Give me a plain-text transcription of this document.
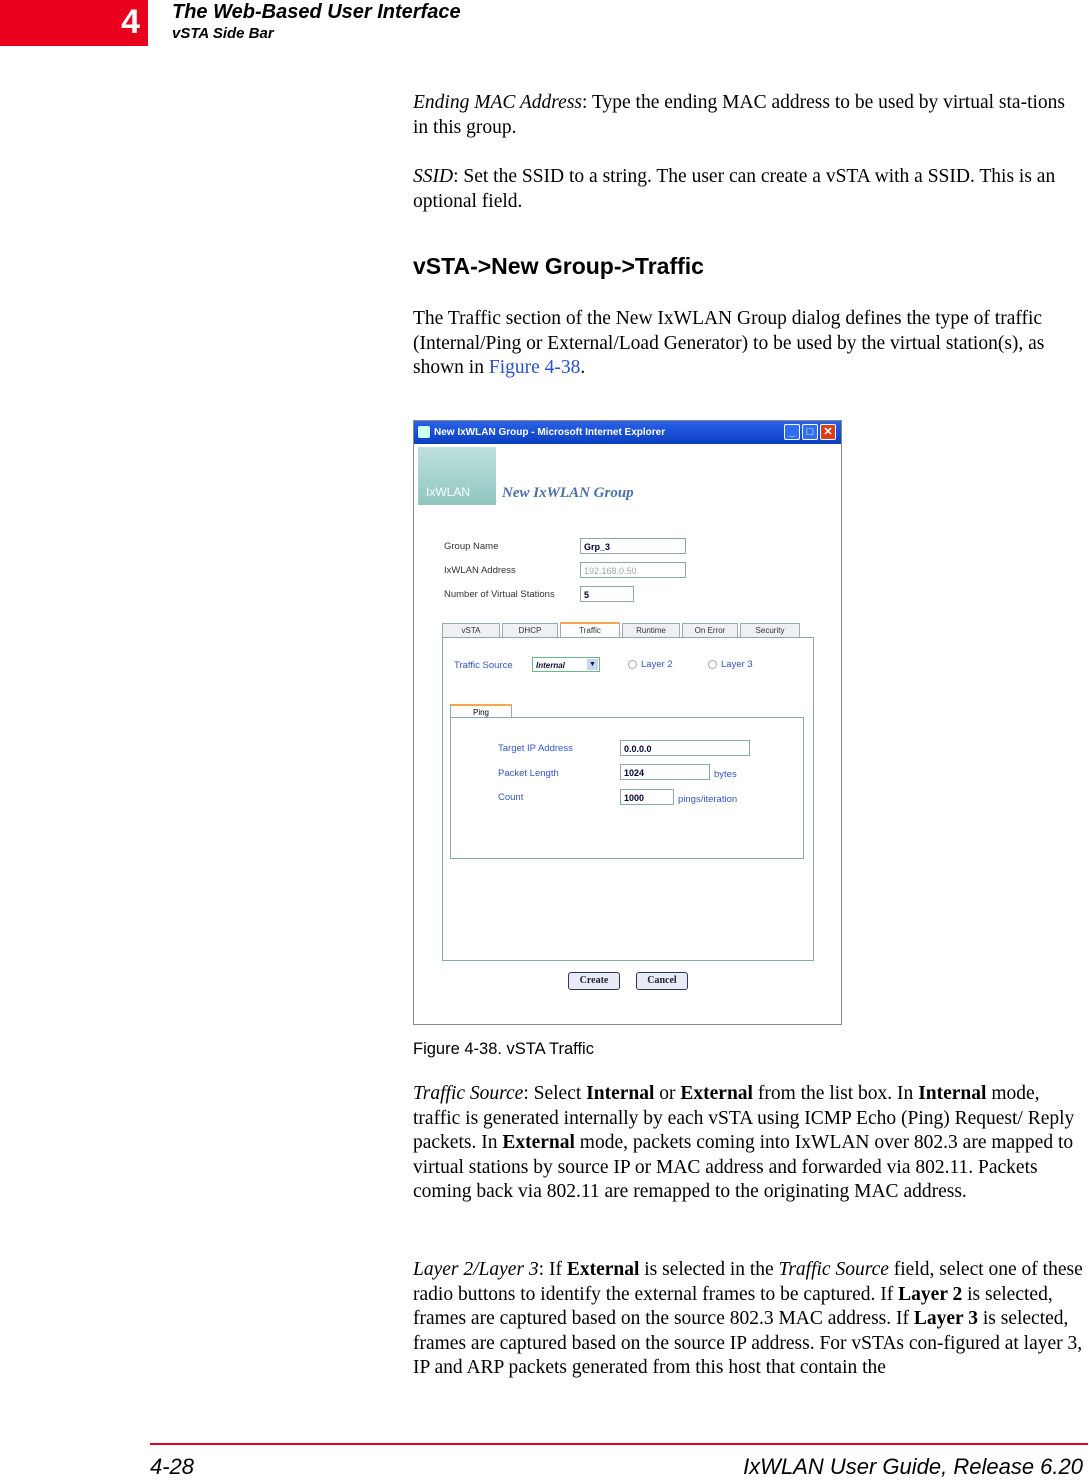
4 The Web-Based User Interface
vSTA Side Bar

Ending MAC Address: Type the ending MAC address to be used by virtual sta-tions in this group.

SSID: Set the SSID to a string. The user can create a vSTA with a SSID. This is an optional field.

vSTA->New Group->Traffic

The Traffic section of the New IxWLAN Group dialog defines the type of traffic (Internal/Ping or External/Load Generator) to be used by the virtual station(s), as shown in Figure 4-38.

New IxWLAN Group - Microsoft Internet Explorer	_	□ ✕
IxWLAN New IxWLAN Group
Group Name	Grp_3
IxWLAN Address	192.168.0.50
Number of Virtual Stations	5
vSTA	DHCP	Traffic	Runtime	On Error	Security
Traffic Source	Internal	▼	Layer 2	Layer 3
Ping
Target IP Address	0.0.0.0
Packet Length	1024	bytes
Count	1000	pings/iteration
Create	Cancel
Figure 4-38. vSTA Traffic

Traffic Source: Select Internal or External from the list box. In Internal mode, traffic is generated internally by each vSTA using ICMP Echo (Ping) Request/ Reply packets. In External mode, packets coming into IxWLAN over 802.3 are mapped to virtual stations by source IP or MAC address and forwarded via 802.11. Packets coming back via 802.11 are remapped to the originating MAC address.

Layer 2/Layer 3: If External is selected in the Traffic Source field, select one of these radio buttons to identify the external frames to be captured. If Layer 2 is selected, frames are captured based on the source 802.3 MAC address. If Layer 3 is selected, frames are captured based on the source IP address. For vSTAs con-figured at layer 3, IP and ARP packets generated from this host that contain the

4-28	IxWLAN User Guide, Release 6.20
